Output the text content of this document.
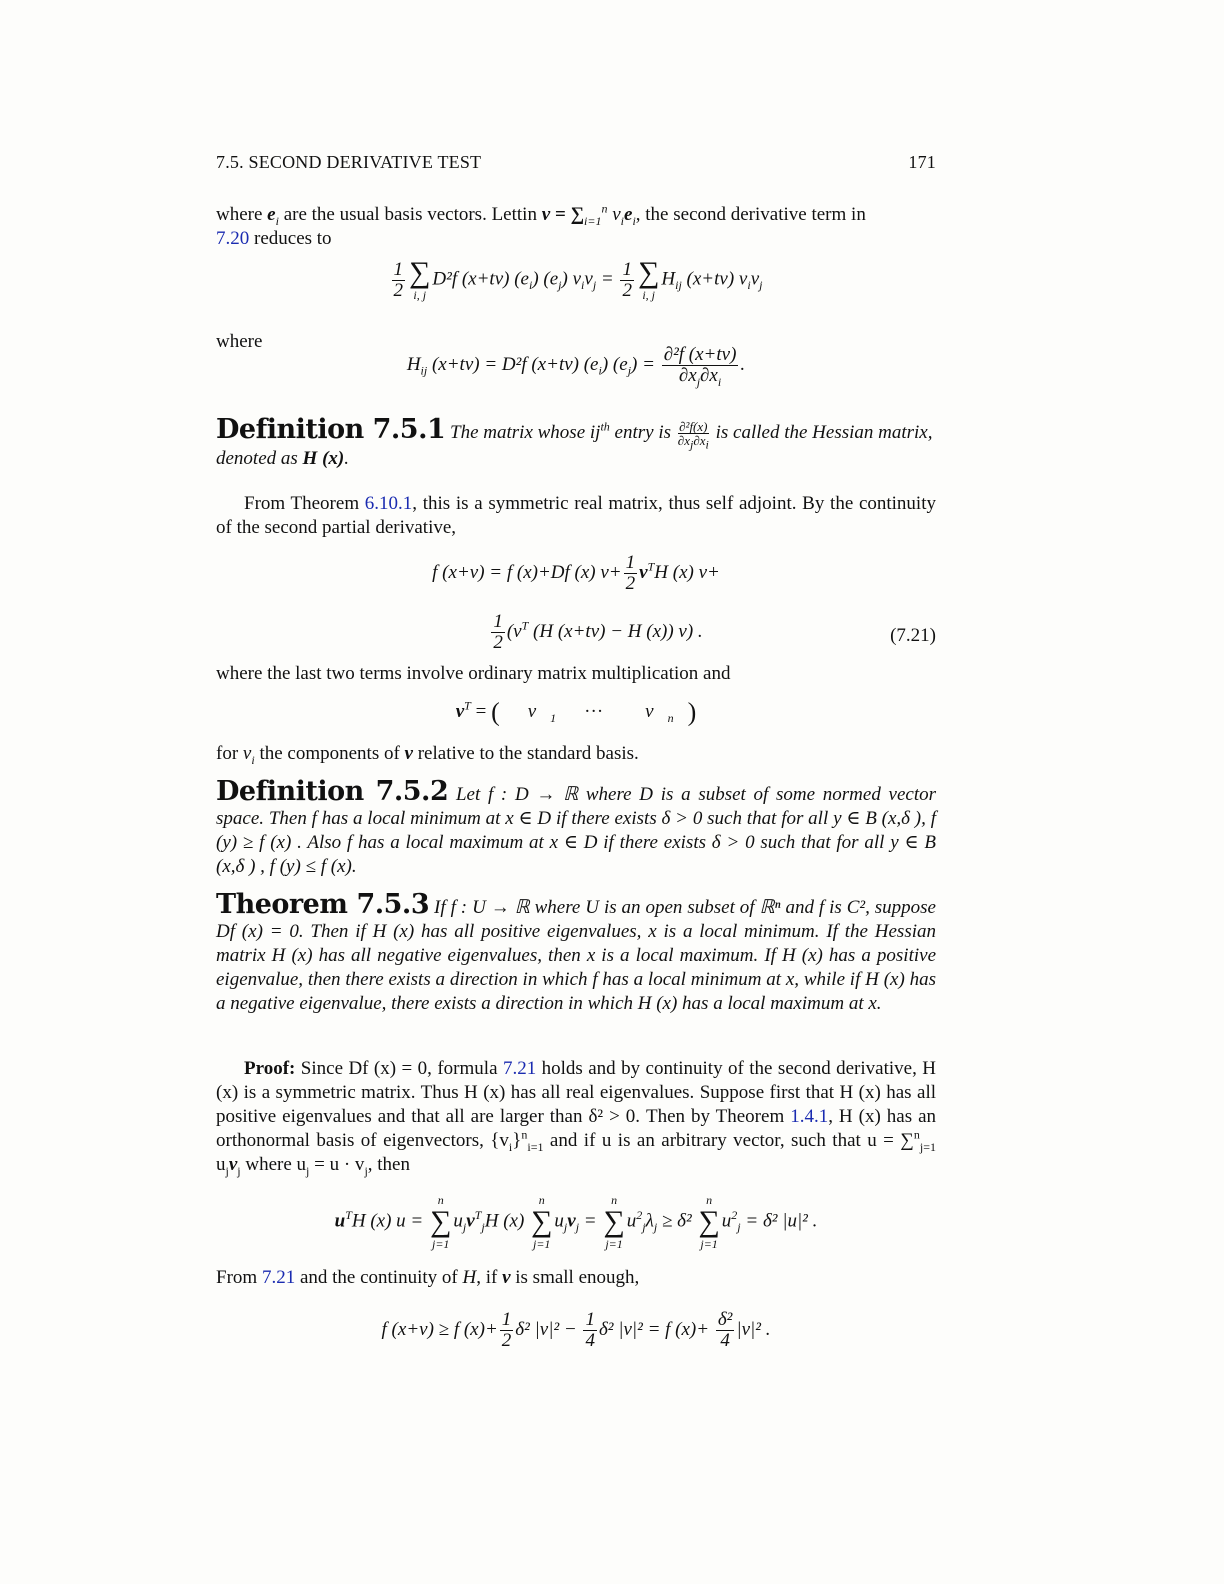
7.5. SECOND DERIVATIVE TEST	171

where $e_i$ are the usual basis vectors. Lettin $v = \sum_{i=1}^n$ $v_ie_i$, the second derivative term in
7.20 reduces to

$\frac{1}{2}$ ∑
i, j
D²f (x+tv) $(e_i)$ $(e_j) v_iv_j = \frac{1}{2}$ ∑
i, j
$H_{ij}$ (x+tv) $v_iv_j$
where
$H_{ij}$ (x+tv) = D²f (x+tv) $(e_i) (e_j) = \frac{\text{∂²f (x+tv)}}{\partial x_j\partial x_i}$ .
Definition 7.5.1 The matrix whose $ij^{th}$ entry is $\frac{\text{∂²f(x)}}{\partial x_j\partial x_i}$ is called the Hessian matrix,
denoted as H (x).

From Theorem 6.10.1, this is a symmetric real matrix, thus self adjoint. By the continuity of the second partial derivative,

f (x+v) = f (x)+Df (x) $v+ \frac{1}{2} v^TH$ (x) v+
$\frac{1}{2} (v^T$ (H (x+tv) − H (x)) v) .	(7.21)
where the last two terms involve ordinary matrix multiplication and
$v^T$ = ( v $_1$ ··· v $_n$ )
for $v_i$ the components of v relative to the standard basis.
Definition 7.5.2 Let f : D → ℝ where D is a subset of some normed vector space. Then f has a local minimum at x ∈ D if there exists δ > 0 such that for all y ∈ B (x,δ ), f (y) ≥ f (x) . Also f has a local maximum at x ∈ D if there exists δ > 0 such that for all y ∈ B (x,δ ) , f (y) ≤ f (x).
Theorem 7.5.3 If f : U → ℝ where U is an open subset of ℝⁿ and f is C², suppose Df (x) = 0. Then if H (x) has all positive eigenvalues, x is a local minimum. If the Hessian matrix H (x) has all negative eigenvalues, then x is a local maximum. If H (x) has a positive eigenvalue, then there exists a direction in which f has a local minimum at x, while if H (x) has a negative eigenvalue, there exists a direction in which H (x) has a local maximum at x.

Proof: Since Df (x) = 0, formula 7.21 holds and by continuity of the second derivative, H (x) is a symmetric matrix. Thus H (x) has all real eigenvalues. Suppose first that H (x) has all positive eigenvalues and that all are larger than δ² > 0. Then by Theorem 1.4.1, H (x) has an orthonormal basis of eigenvectors, $\{v_i\}^n_{i=1}$ and if u is an arbitrary vector, such that u = ∑$^n_{j=1}$ $u_jv_j$ where $u_j = u \cdot v_j$, then

$u^TH$ (x) u =
n
∑
j=1
$u_jv^T_jH$ (x)
n
∑
j=1
$u_jv_j$ =
n
∑
j=1
$u^2_j\lambda_j \ge \delta^2$
n
∑
j=1
$u^2_j = \delta^2$ |u|² .
From 7.21 and the continuity of H, if v is small enough,
f (x+v) ≥ f $(x)+ \frac{1}{2} \delta^2$ $|v|^2 - \frac{1}{4} \delta^2$ |v|² = f $(x)+ \frac{\text{δ²}}{4} |v|^2$ .
